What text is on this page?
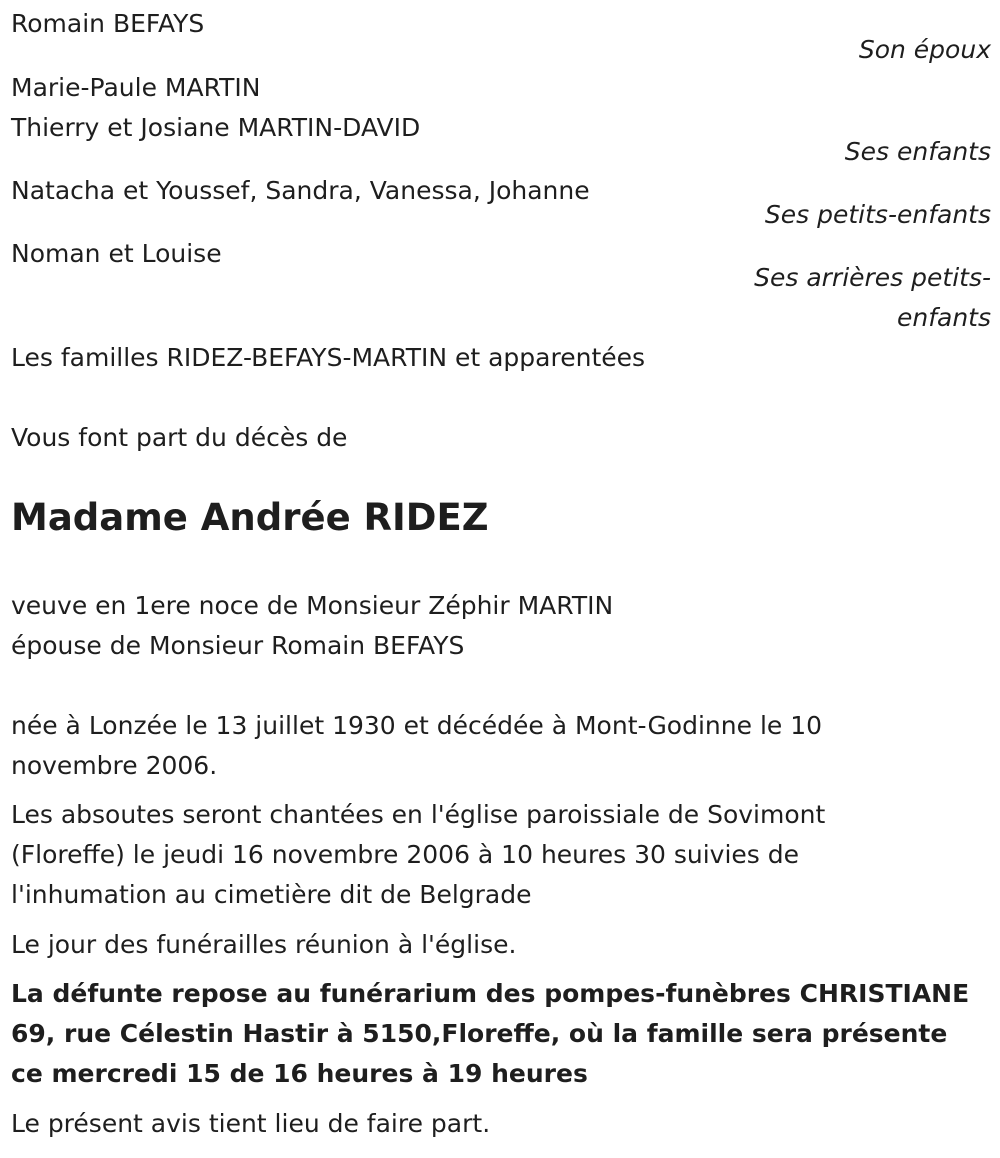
Romain BEFAYS
Son époux
Marie-Paule MARTIN
Thierry et Josiane MARTIN-DAVID
Ses enfants
Natacha et Youssef, Sandra, Vanessa, Johanne
Ses petits-enfants
Noman et Louise
Ses arrières petits-
enfants
Les familles RIDEZ-BEFAYS-MARTIN et apparentées
Vous font part du décès de
Madame Andrée RIDEZ
veuve en 1ere noce de Monsieur Zéphir MARTIN
épouse de Monsieur Romain BEFAYS

née à Lonzée le 13 juillet 1930 et décédée à Mont-Godinne le 10 novembre 2006.

Les absoutes seront chantées en l'église paroissiale de Sovimont (Floreffe) le jeudi 16 novembre 2006 à 10 heures 30 suivies de l'inhumation au cimetière dit de Belgrade

Le jour des funérailles réunion à l'église.

La défunte repose au funérarium des pompes-funèbres CHRISTIANE 69, rue Célestin Hastir à 5150,Floreffe, où la famille sera présente ce mercredi 15 de 16 heures à 19 heures

Le présent avis tient lieu de faire part.
